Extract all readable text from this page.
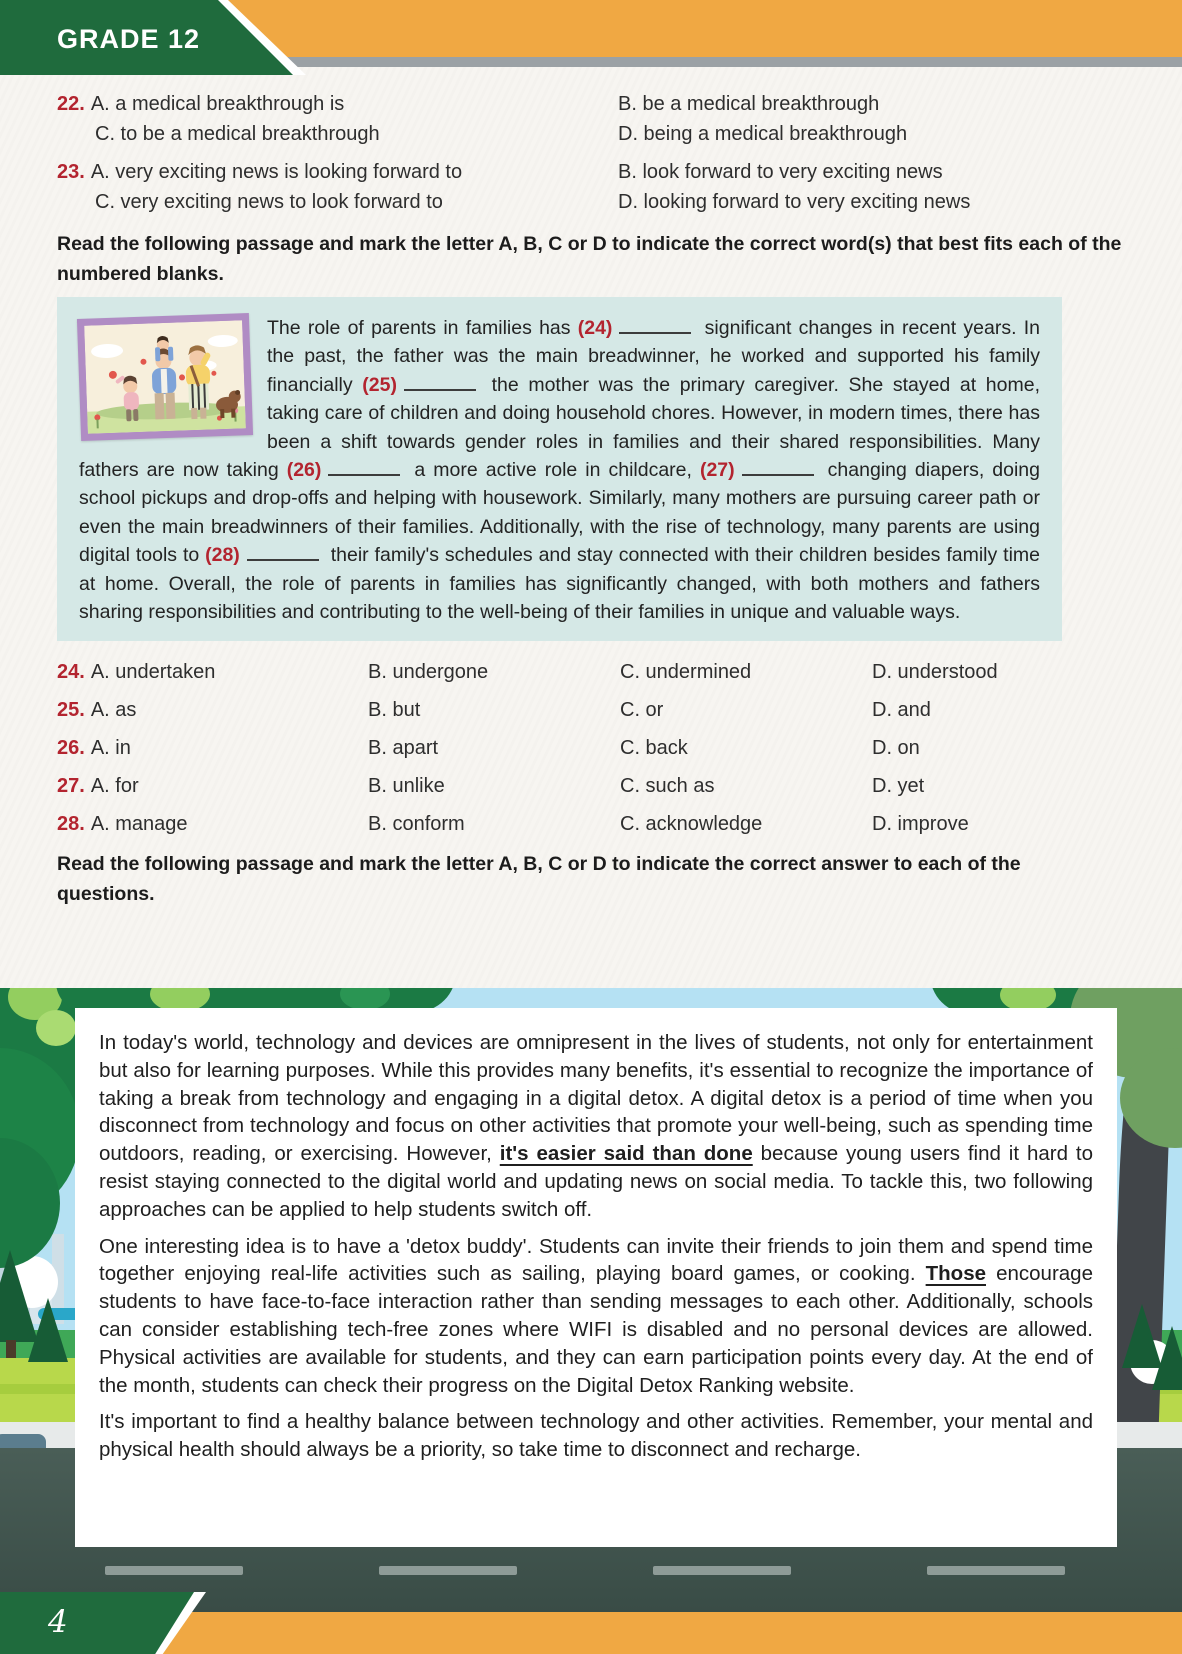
GRADE 12
22. A. a medical breakthrough is	B. be a medical breakthrough
C. to be a medical breakthrough	D. being a medical breakthrough
23. A. very exciting news is looking forward to	B. look forward to very exciting news
C. very exciting news to look forward to	D. looking forward to very exciting news
Read the following passage and mark the letter A, B, C or D to indicate the correct word(s) that best fits each of the numbered blanks.
The role of parents in families has (24)	significant changes in recent years. In the past, the father was the main breadwinner, he worked and supported his family financially (25)	the mother was the primary caregiver. She stayed at home, taking care of children and doing household chores. However, in modern times, there has been a shift towards gender roles in families and their shared responsibilities. Many fathers are now taking (26)	a more active role in childcare, (27)	changing diapers, doing school pickups and drop-offs and helping with housework. Similarly, many mothers are pursuing career path or even the main breadwinners of their families. Additionally, with the rise of technology, many parents are using digital tools to (28)	their family's schedules and stay connected with their children besides family time at home. Overall, the role of parents in families has significantly changed, with both mothers and fathers sharing responsibilities and contributing to the well-being of their families in unique and valuable ways.
24. A. undertaken	B. undergone	C. undermined	D. understood
25. A. as	B. but	C. or	D. and
26. A. in	B. apart	C. back	D. on
27. A. for	B. unlike	C. such as	D. yet
28. A. manage	B. conform	C. acknowledge	D. improve
Read the following passage and mark the letter A, B, C or D to indicate the correct answer to each of the questions.

In today's world, technology and devices are omnipresent in the lives of students, not only for entertainment but also for learning purposes. While this provides many benefits, it's essential to recognize the importance of taking a break from technology and engaging in a digital detox. A digital detox is a period of time when you disconnect from technology and focus on other activities that promote your well-being, such as spending time outdoors, reading, or exercising. However, it's easier said than done because young users find it hard to resist staying connected to the digital world and updating news on social media. To tackle this, two following approaches can be applied to help students switch off.

One interesting idea is to have a 'detox buddy'. Students can invite their friends to join them and spend time together enjoying real-life activities such as sailing, playing board games, or cooking. Those encourage students to have face-to-face interaction rather than sending messages to each other. Additionally, schools can consider establishing tech-free zones where WIFI is disabled and no personal devices are allowed. Physical activities are available for students, and they can earn participation points every day. At the end of the month, students can check their progress on the Digital Detox Ranking website.

It's important to find a healthy balance between technology and other activities. Remember, your mental and physical health should always be a priority, so take time to disconnect and recharge.

4
